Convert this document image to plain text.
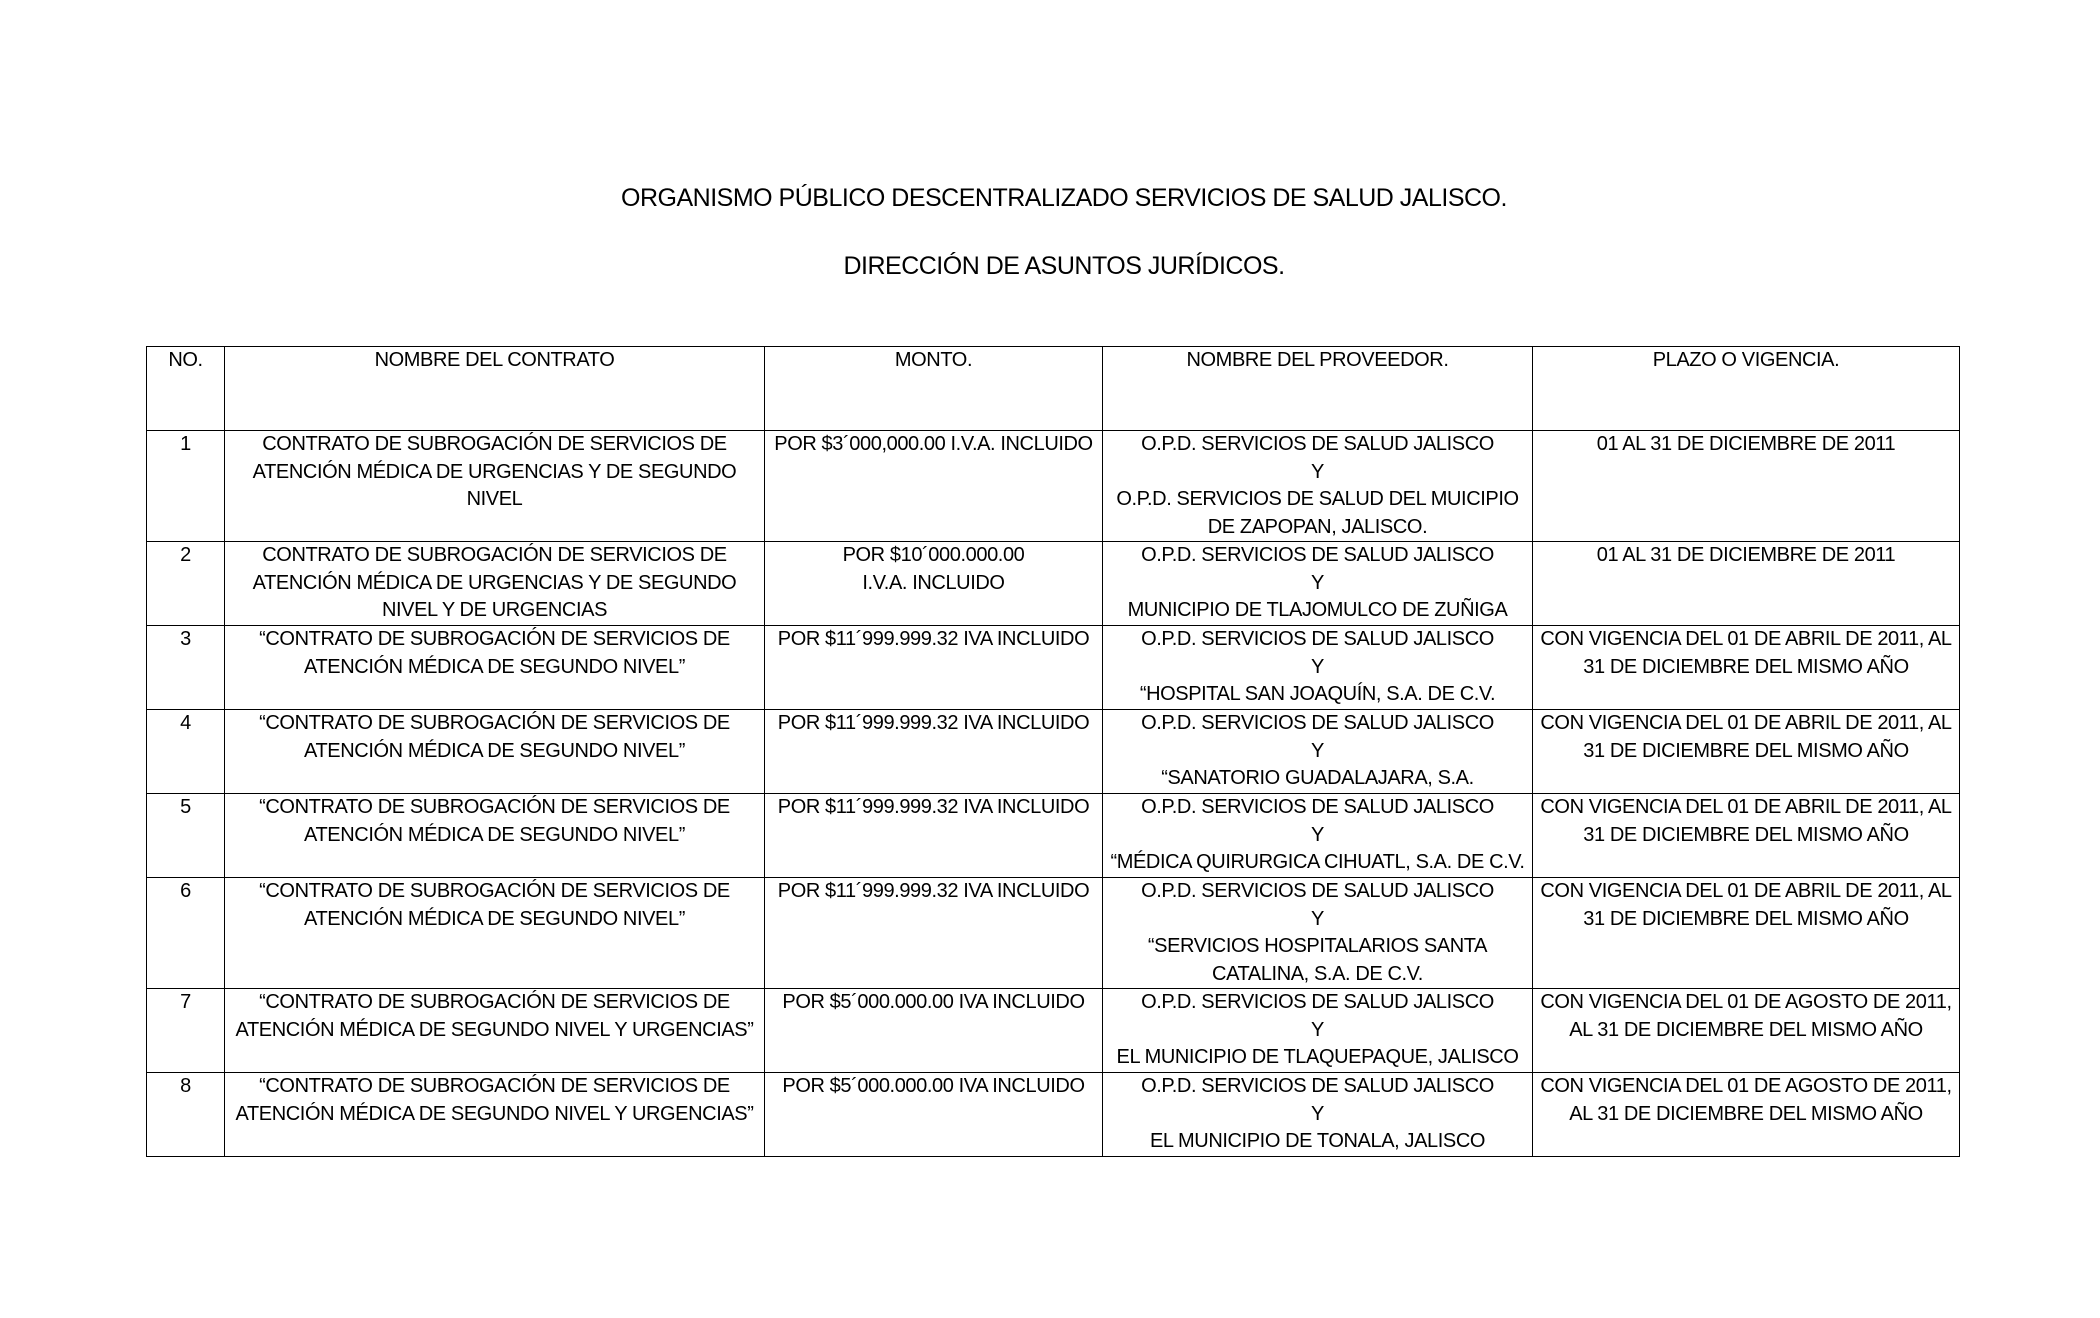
ORGANISMO PÚBLICO DESCENTRALIZADO SERVICIOS DE SALUD JALISCO.
DIRECCIÓN DE ASUNTOS JURÍDICOS.
NO.	NOMBRE DEL CONTRATO	MONTO.	NOMBRE DEL PROVEEDOR.	PLAZO O VIGENCIA.
1	CONTRATO DE SUBROGACIÓN DE SERVICIOS DE
ATENCIÓN MÉDICA DE URGENCIAS Y DE SEGUNDO
NIVEL	POR $3´000,000.00 I.V.A. INCLUIDO	O.P.D. SERVICIOS DE SALUD JALISCO
Y
O.P.D. SERVICIOS DE SALUD DEL MUICIPIO
DE ZAPOPAN, JALISCO.	01 AL 31 DE DICIEMBRE DE 2011

2	CONTRATO DE SUBROGACIÓN DE SERVICIOS DE
ATENCIÓN MÉDICA DE URGENCIAS Y DE SEGUNDO
NIVEL Y DE URGENCIAS	POR $10´000.000.00
I.V.A. INCLUIDO	O.P.D. SERVICIOS DE SALUD JALISCO
Y
MUNICIPIO DE TLAJOMULCO DE ZUÑIGA	01 AL 31 DE DICIEMBRE DE 2011

3	“CONTRATO DE SUBROGACIÓN DE SERVICIOS DE
ATENCIÓN MÉDICA DE SEGUNDO NIVEL”	POR $11´999.999.32 IVA INCLUIDO	O.P.D. SERVICIOS DE SALUD JALISCO
Y
“HOSPITAL SAN JOAQUÍN, S.A. DE C.V.	CON VIGENCIA DEL 01 DE ABRIL DE 2011, AL
31 DE DICIEMBRE DEL MISMO AÑO

4	“CONTRATO DE SUBROGACIÓN DE SERVICIOS DE
ATENCIÓN MÉDICA DE SEGUNDO NIVEL”	POR $11´999.999.32 IVA INCLUIDO	O.P.D. SERVICIOS DE SALUD JALISCO
Y
“SANATORIO GUADALAJARA, S.A.	CON VIGENCIA DEL 01 DE ABRIL DE 2011, AL
31 DE DICIEMBRE DEL MISMO AÑO

5	“CONTRATO DE SUBROGACIÓN DE SERVICIOS DE
ATENCIÓN MÉDICA DE SEGUNDO NIVEL”	POR $11´999.999.32 IVA INCLUIDO	O.P.D. SERVICIOS DE SALUD JALISCO
Y
“MÉDICA QUIRURGICA CIHUATL, S.A. DE C.V.	CON VIGENCIA DEL 01 DE ABRIL DE 2011, AL
31 DE DICIEMBRE DEL MISMO AÑO

6	“CONTRATO DE SUBROGACIÓN DE SERVICIOS DE
ATENCIÓN MÉDICA DE SEGUNDO NIVEL”	POR $11´999.999.32 IVA INCLUIDO	O.P.D. SERVICIOS DE SALUD JALISCO
Y
“SERVICIOS HOSPITALARIOS SANTA
CATALINA, S.A. DE C.V.	CON VIGENCIA DEL 01 DE ABRIL DE 2011, AL
31 DE DICIEMBRE DEL MISMO AÑO

7	“CONTRATO DE SUBROGACIÓN DE SERVICIOS DE
ATENCIÓN MÉDICA DE SEGUNDO NIVEL Y URGENCIAS”	POR $5´000.000.00 IVA INCLUIDO	O.P.D. SERVICIOS DE SALUD JALISCO
Y
EL MUNICIPIO DE TLAQUEPAQUE, JALISCO	CON VIGENCIA DEL 01 DE AGOSTO DE 2011,
AL 31 DE DICIEMBRE DEL MISMO AÑO

8	“CONTRATO DE SUBROGACIÓN DE SERVICIOS DE
ATENCIÓN MÉDICA DE SEGUNDO NIVEL Y URGENCIAS”	POR $5´000.000.00 IVA INCLUIDO	O.P.D. SERVICIOS DE SALUD JALISCO
Y
EL MUNICIPIO DE TONALA, JALISCO	CON VIGENCIA DEL 01 DE AGOSTO DE 2011,
AL 31 DE DICIEMBRE DEL MISMO AÑO
